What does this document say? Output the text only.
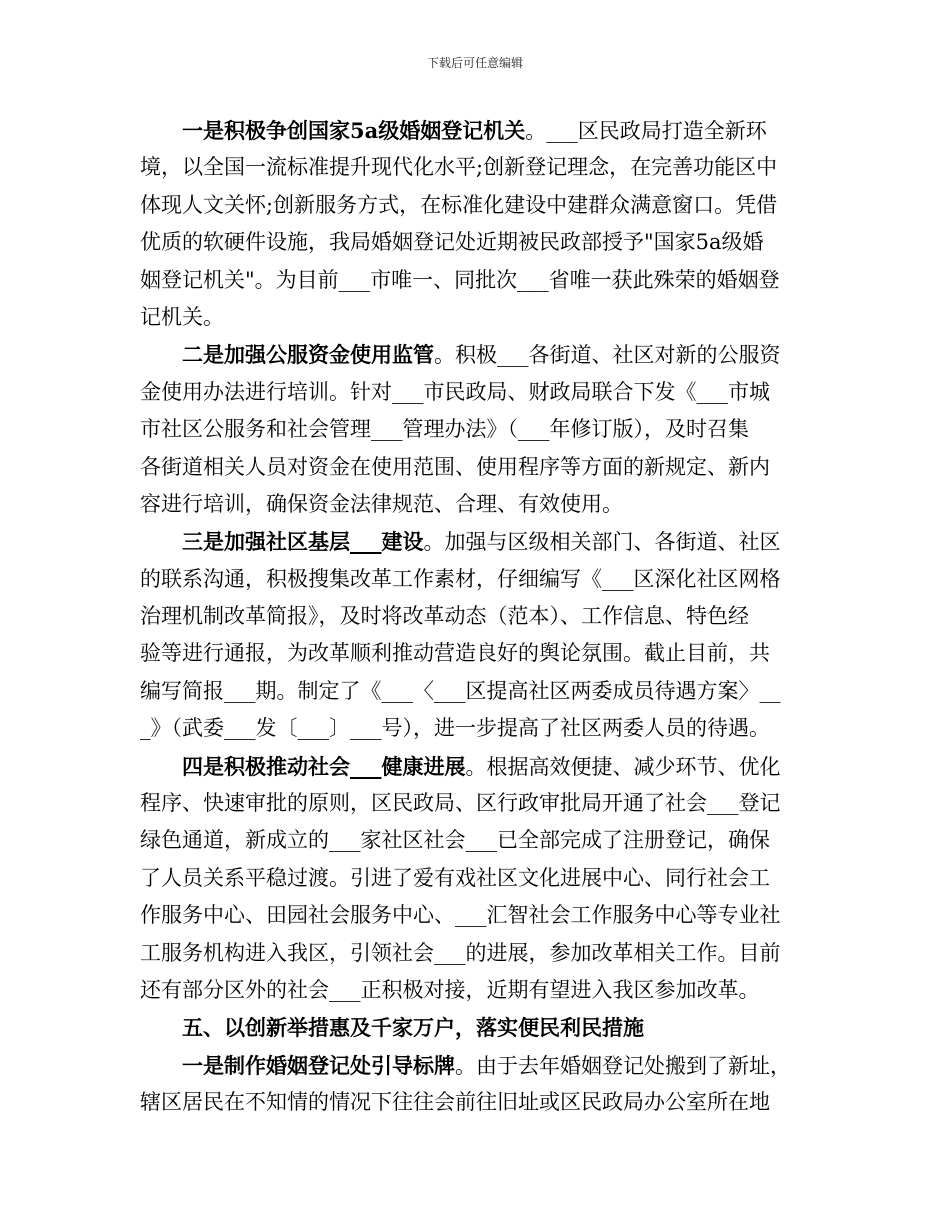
下载后可任意编辑
一是积极争创国家5a级婚姻登记机关。___区民政局打造全新环
境，以全国一流标准提升现代化水平;创新登记理念，在完善功能区中
体现人文关怀;创新服务方式，在标准化建设中建群众满意窗口。凭借
优质的软硬件设施，我局婚姻登记处近期被民政部授予"国家5a级婚
姻登记机关"。为目前___市唯一、同批次___省唯一获此殊荣的婚姻登
记机关。
二是加强公服资金使用监管。积极___各街道、社区对新的公服资
金使用办法进行培训。针对___市民政局、财政局联合下发《___市城
市社区公服务和社会管理___管理办法》（___年修订版），及时召集
各街道相关人员对资金在使用范围、使用程序等方面的新规定、新内
容进行培训，确保资金法律规范、合理、有效使用。
三是加强社区基层___建设。加强与区级相关部门、各街道、社区
的联系沟通，积极搜集改革工作素材，仔细编写《___区深化社区网格
治理机制改革简报》，及时将改革动态（范本）、工作信息、特色经
验等进行通报，为改革顺利推动营造良好的舆论氛围。截止目前，共
编写简报___期。制定了《___〈___区提高社区两委成员待遇方案〉__
_》（武委___发〔___〕___号），进一步提高了社区两委人员的待遇。
四是积极推动社会___健康进展。根据高效便捷、减少环节、优化
程序、快速审批的原则，区民政局、区行政审批局开通了社会___登记
绿色通道，新成立的___家社区社会___已全部完成了注册登记，确保
了人员关系平稳过渡。引进了爱有戏社区文化进展中心、同行社会工
作服务中心、田园社会服务中心、___汇智社会工作服务中心等专业社
工服务机构进入我区，引领社会___的进展，参加改革相关工作。目前
还有部分区外的社会___正积极对接，近期有望进入我区参加改革。
五、以创新举措惠及千家万户，落实便民利民措施
一是制作婚姻登记处引导标牌。由于去年婚姻登记处搬到了新址，
辖区居民在不知情的情况下往往会前往旧址或区民政局办公室所在地
